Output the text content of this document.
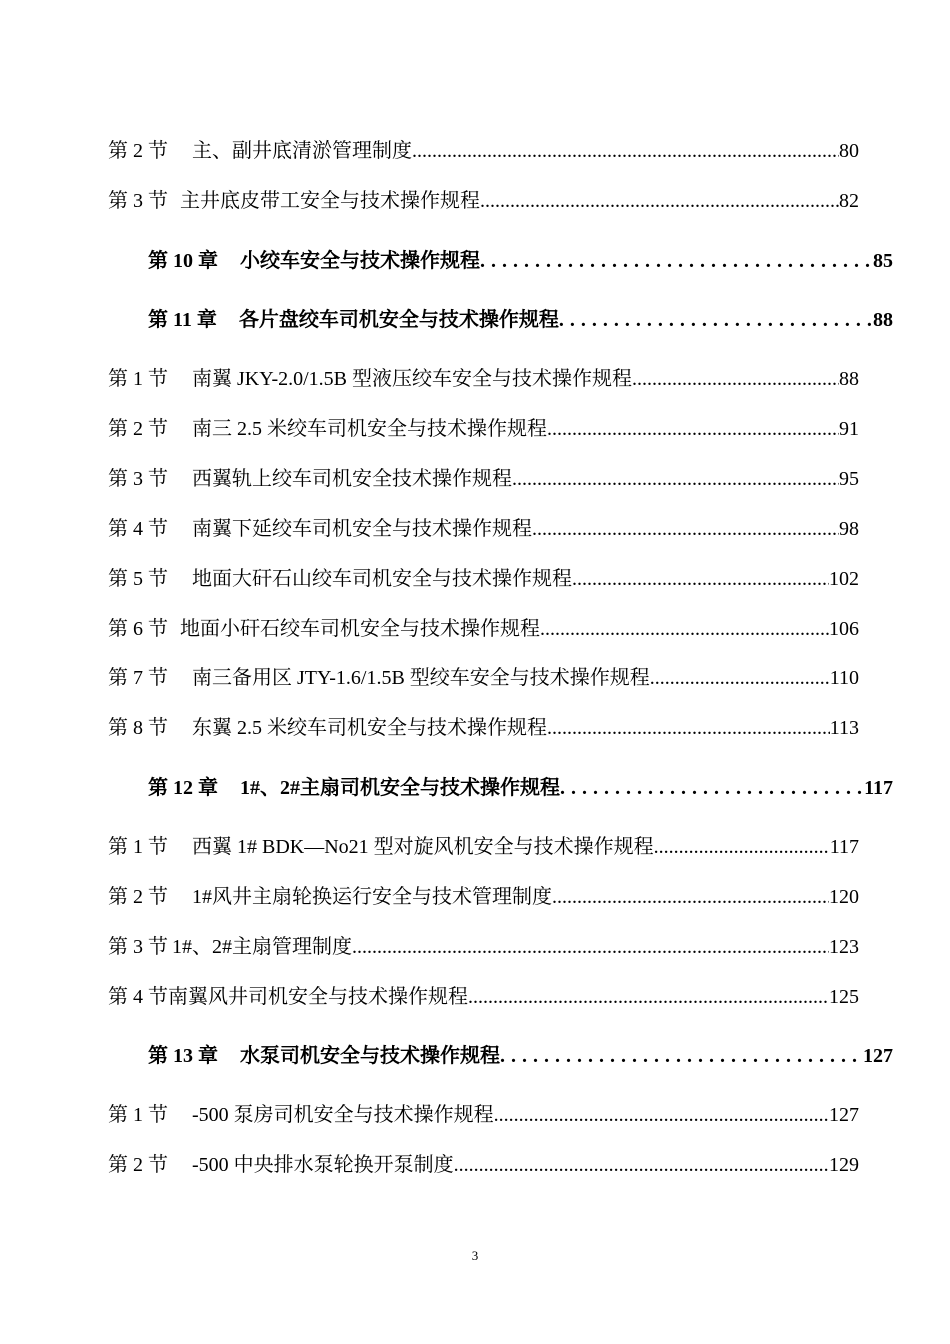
第 2 节 主、副井底清淤管理制度 .....	80
第 3 节 主井底皮带工安全与技术操作规程 .....	82
第 10 章 小绞车安全与技术操作规程 . . .	85
第 11 章 各片盘绞车司机安全与技术操作规程 . . .	88
第 1 节 南翼 JKY-2.0/1.5B 型液压绞车安全与技术操作规程 .....	88
第 2 节 南三 2.5 米绞车司机安全与技术操作规程 .....	91
第 3 节 西翼轨上绞车司机安全技术操作规程 .....	95
第 4 节 南翼下延绞车司机安全与技术操作规程 .....	98
第 5 节 地面大矸石山绞车司机安全与技术操作规程 .....	102
第 6 节 地面小矸石绞车司机安全与技术操作规程 .....	106
第 7 节 南三备用区 JTY-1.6/1.5B 型绞车安全与技术操作规程 .....	110
第 8 节 东翼 2.5 米绞车司机安全与技术操作规程 .....	113
第 12 章 1#、2#主扇司机安全与技术操作规程 . . .	117
第 1 节 西翼 1# BDK—No21 型对旋风机安全与技术操作规程 .....	117
第 2 节 1#风井主扇轮换运行安全与技术管理制度 .....	120
第 3 节 1#、2#主扇管理制度 .....	123
第 4 节 南翼风井司机安全与技术操作规程 .....	125
第 13 章 水泵司机安全与技术操作规程 . . .	127
第 1 节 -500 泵房司机安全与技术操作规程 .....	127
第 2 节 -500 中央排水泵轮换开泵制度 .....	129
3
